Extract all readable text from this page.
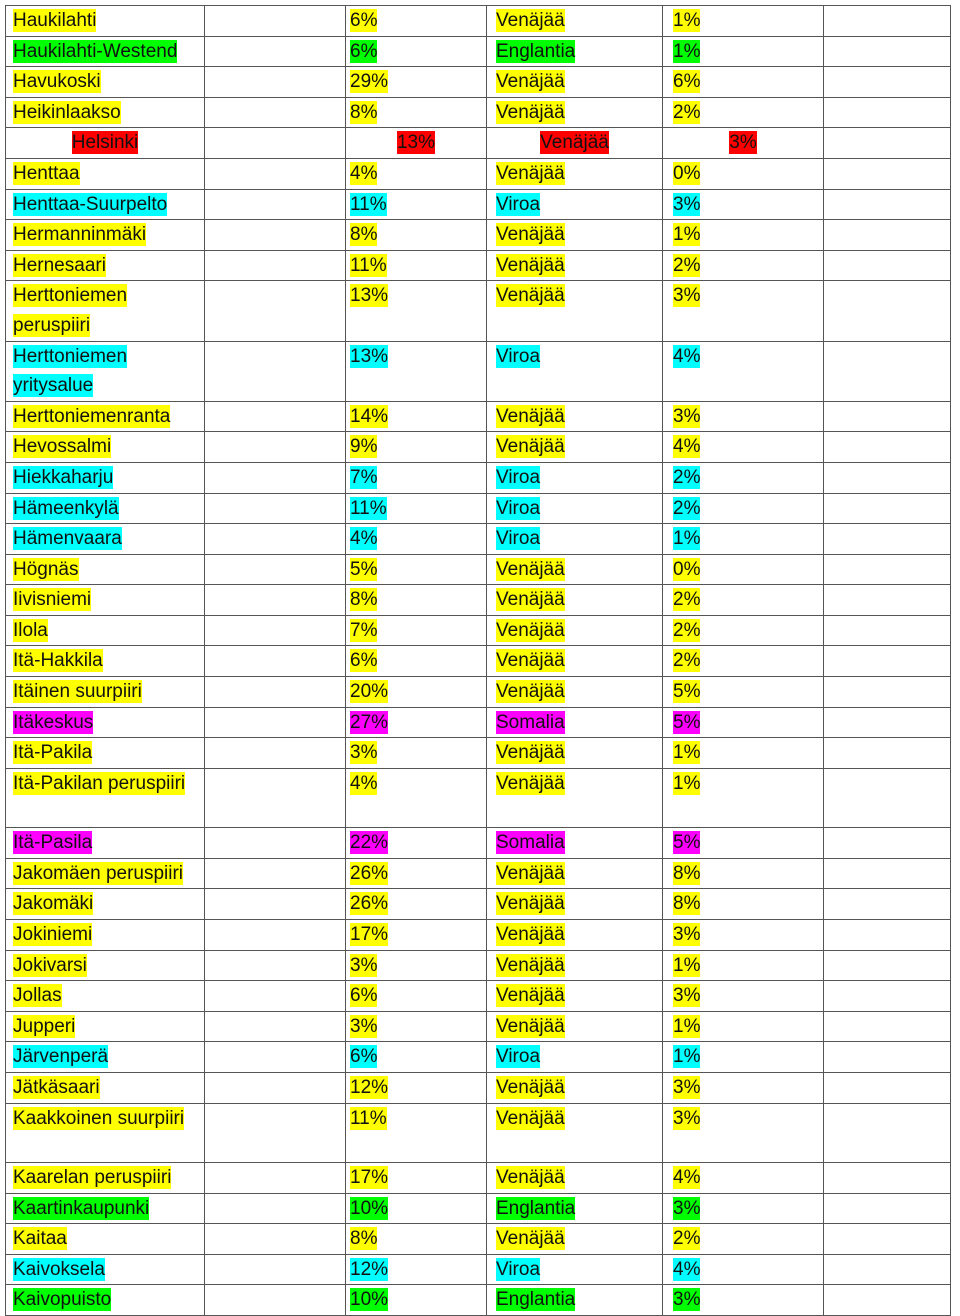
Haukilahti		6%	Venäjää	1%	
Haukilahti-Westend		6%	Englantia	1%	
Havukoski		29%	Venäjää	6%	
Heikinlaakso		8%	Venäjää	2%	
Helsinki		13%	Venäjää	3%	
Henttaa		4%	Venäjää	0%	
Henttaa-Suurpelto		11%	Viroa	3%	
Hermanninmäki		8%	Venäjää	1%	
Hernesaari		11%	Venäjää	2%	
Herttoniemen peruspiiri		13%	Venäjää	3%	
Herttoniemen yritysalue		13%	Viroa	4%	
Herttoniemenranta		14%	Venäjää	3%	
Hevossalmi		9%	Venäjää	4%	
Hiekkaharju		7%	Viroa	2%	
Hämeenkylä		11%	Viroa	2%	
Hämenvaara		4%	Viroa	1%	
Högnäs		5%	Venäjää	0%	
Iivisniemi		8%	Venäjää	2%	
Ilola		7%	Venäjää	2%	
Itä-Hakkila		6%	Venäjää	2%	
Itäinen suurpiiri		20%	Venäjää	5%	
Itäkeskus		27%	Somalia	5%	
Itä-Pakila		3%	Venäjää	1%	
Itä-Pakilan peruspiiri		4%	Venäjää	1%	
Itä-Pasila		22%	Somalia	5%	
Jakomäen peruspiiri		26%	Venäjää	8%	
Jakomäki		26%	Venäjää	8%	
Jokiniemi		17%	Venäjää	3%	
Jokivarsi		3%	Venäjää	1%	
Jollas		6%	Venäjää	3%	
Jupperi		3%	Venäjää	1%	
Järvenperä		6%	Viroa	1%	
Jätkäsaari		12%	Venäjää	3%	
Kaakkoinen suurpiiri		11%	Venäjää	3%	
Kaarelan peruspiiri		17%	Venäjää	4%	
Kaartinkaupunki		10%	Englantia	3%	
Kaitaa		8%	Venäjää	2%	
Kaivoksela		12%	Viroa	4%	
Kaivopuisto		10%	Englantia	3%	
